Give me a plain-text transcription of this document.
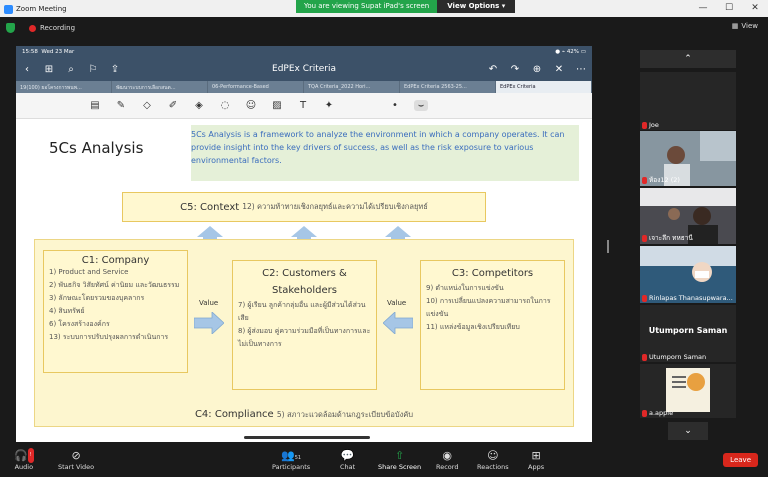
Zoom Meeting	You are viewing Supat iPad's screen	View Options ▾	—	☐	✕
Recording	▦ View
15:58 Wed 23 Mar	● ⌁ 42% ▭
‹	⊞	⌕	⚐	⇪	EdPEx Criteria	↶	↷	⊕	✕	⋯
19(100) ยอโครงการพนพ...	พัฒนาระบบการเลือกสนต...	06-Performance-Based	TQA Criteria_2022 Hori...	EdPEx Criteria 2563-25...	EdPEx Criteria
▤ ✎	◇	✐	◈	◌ ☺ ▨	T	✦	•	⌣
5Cs Analysis
5Cs Analysis is a framework to analyze the environment in which a company operates. It can provide insight into the key drivers of success, as well as the risk exposure to various environmental factors.
C5: Context 12) ความท้าทายเชิงกลยุทธ์และความได้เปรียบเชิงกลยุทธ์
C1: Company
1) Product and Service
2) พันธกิจ วิสัยทัศน์ ค่านิยม และวัฒนธรรม
3) ลักษณะโดยรวมของบุคลากร
4) สินทรัพย์
6) โครงสร้างองค์กร
13) ระบบการปรับปรุงผลการดำเนินการ
Value
C2: Customers & Stakeholders
7) ผู้เรียน ลูกค้ากลุ่มอื่น และผู้มีส่วนได้ส่วนเสีย
8) ผู้ส่งมอบ คู่ความร่วมมือที่เป็นทางการและไม่เป็นทางการ
Value
C3: Competitors
9) ตำแหน่งในการแข่งขัน
10) การเปลี่ยนแปลงความสามารถในการแข่งขัน
11) แหล่งข้อมูลเชิงเปรียบเทียบ
C4: Compliance 5) สภาวะแวดล้อมด้านกฎระเบียบข้อบังคับ
⌃
Joe
ห้อง12 (2)
เจาะลึก ทหธานี
Rinlapas Thanasupwara...
Utumporn Saman
Utumporn Saman
a.apple
⌄
🎧 !
Audio
⊘
Start Video
👥51
Participants
💬
Chat
⇧
Share Screen
◉
Record
☺
Reactions
⊞
Apps
Leave
